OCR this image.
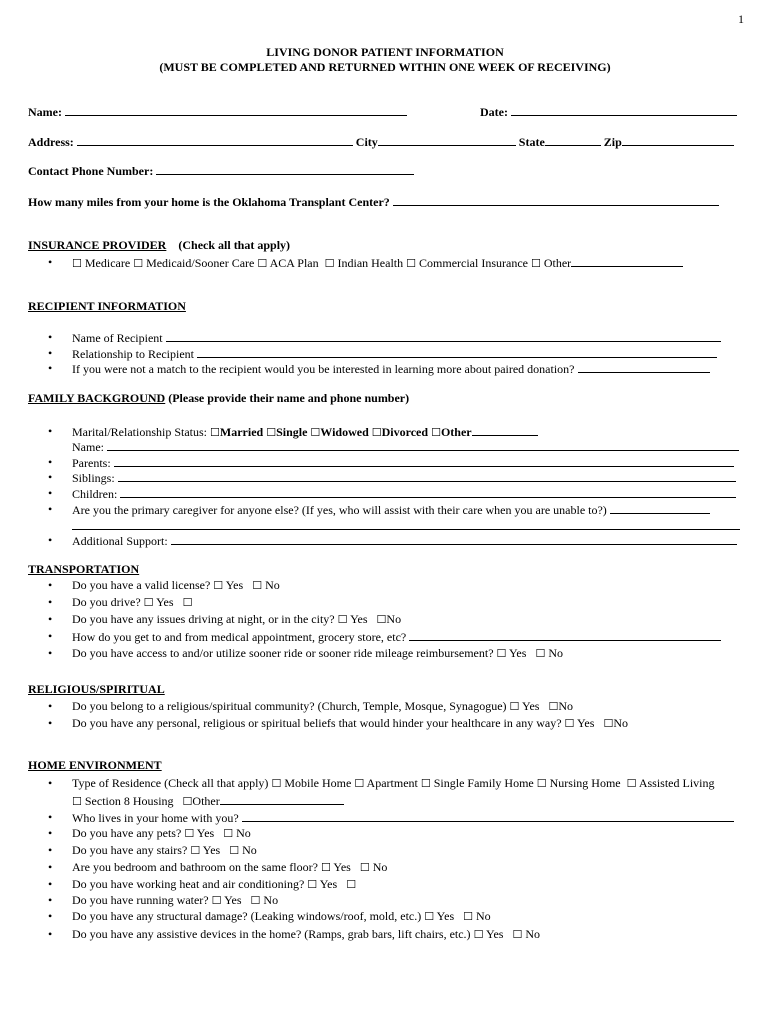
1
LIVING DONOR PATIENT INFORMATION
(MUST BE COMPLETED AND RETURNED WITHIN ONE WEEK OF RECEIVING)
Name:	Date:
Address:	City	State	Zip
Contact Phone Number:
How many miles from your home is the Oklahoma Transplant Center?
INSURANCE PROVIDER (Check all that apply)
• ☐ Medicare ☐ Medicaid/Sooner Care ☐ ACA Plan ☐ Indian Health ☐ Commercial Insurance ☐ Other
RECIPIENT INFORMATION
• Name of Recipient
• Relationship to Recipient
• If you were not a match to the recipient would you be interested in learning more about paired donation?
FAMILY BACKGROUND (Please provide their name and phone number)
• Marital/Relationship Status: ☐Married ☐Single ☐Widowed ☐Divorced ☐Other
Name:
• Parents:
• Siblings:
• Children:
• Are you the primary caregiver for anyone else? (If yes, who will assist with their care when you are unable to?)
• Additional Support:
TRANSPORTATION
• Do you have a valid license? ☐ Yes ☐ No
• Do you drive? ☐ Yes ☐
• Do you have any issues driving at night, or in the city? ☐ Yes ☐No
• How do you get to and from medical appointment, grocery store, etc?
• Do you have access to and/or utilize sooner ride or sooner ride mileage reimbursement? ☐ Yes ☐ No
RELIGIOUS/SPIRITUAL
• Do you belong to a religious/spiritual community? (Church, Temple, Mosque, Synagogue) ☐ Yes ☐No
• Do you have any personal, religious or spiritual beliefs that would hinder your healthcare in any way? ☐ Yes ☐No
HOME ENVIRONMENT
• Type of Residence (Check all that apply) ☐ Mobile Home ☐ Apartment ☐ Single Family Home ☐ Nursing Home ☐ Assisted Living
☐ Section 8 Housing ☐Other
• Who lives in your home with you?
• Do you have any pets? ☐ Yes ☐ No
• Do you have any stairs? ☐ Yes ☐ No
• Are you bedroom and bathroom on the same floor? ☐ Yes ☐ No
• Do you have working heat and air conditioning? ☐ Yes ☐
• Do you have running water? ☐ Yes ☐ No
• Do you have any structural damage? (Leaking windows/roof, mold, etc.) ☐ Yes ☐ No
• Do you have any assistive devices in the home? (Ramps, grab bars, lift chairs, etc.) ☐ Yes ☐ No
